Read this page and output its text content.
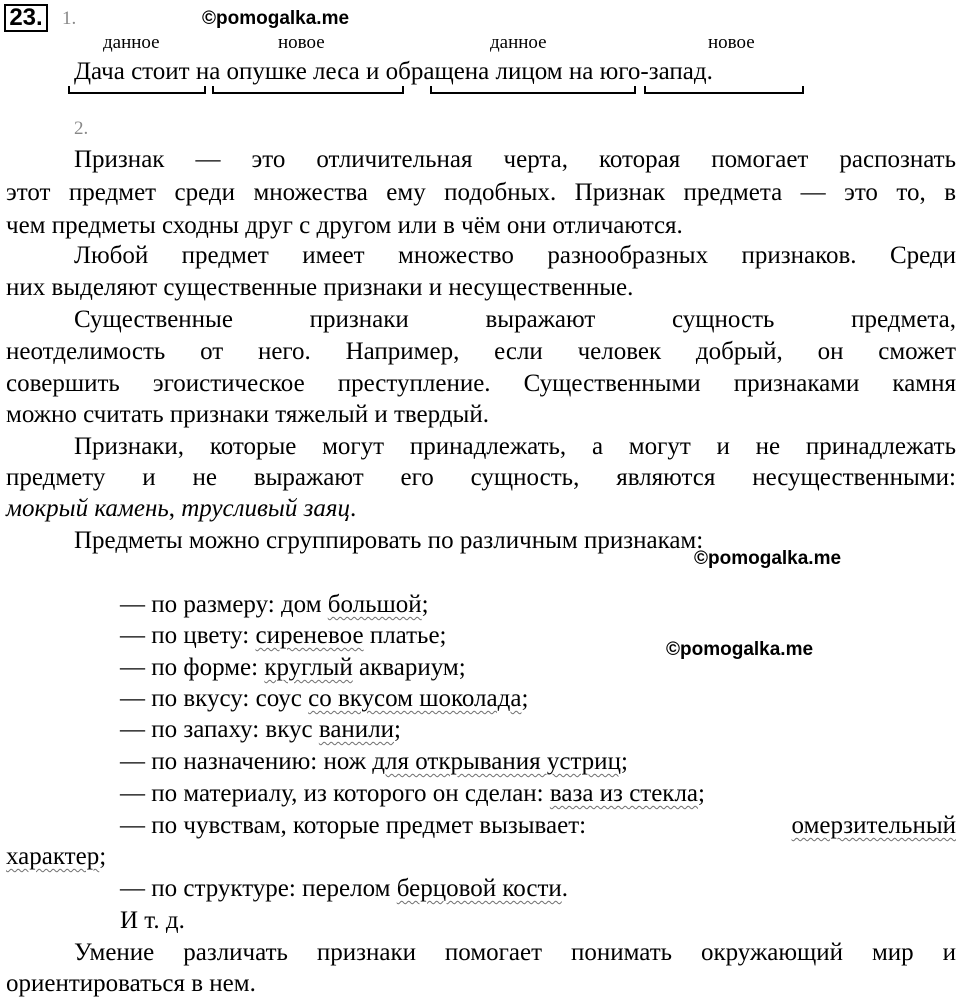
23. 1.	©pomogalka.me
данное	новое	данное	новое
Дача стоит на опушке леса и обращена лицом на юго-запад.
2.
Признак — это отличительная черта, которая помогает распознать
этот предмет среди множества ему подобных. Признак предмета — это то, в
чем предметы сходны друг с другом или в чём они отличаются.
Любой предмет имеет множество разнообразных признаков. Среди
них выделяют существенные признаки и несущественные.
Существенные признаки выражают сущность предмета,
неотделимость от него. Например, если человек добрый, он сможет
совершить эгоистическое преступление. Существенными признаками камня
можно считать признаки тяжелый и твердый.
Признаки, которые могут принадлежать, а могут и не принадлежать
предмету и не выражают его сущность, являются несущественными:
мокрый камень, трусливый заяц.
Предметы можно сгруппировать по различным признакам:
©pomogalka.me
— по размеру: дом большой;
— по цвету: сиреневое платье;
©pomogalka.me
— по форме: круглый аквариум;
— по вкусу: соус со вкусом шоколада;
— по запаху: вкус ванили;
— по назначению: нож для открывания устриц;
— по материалу, из которого он сделан: ваза из стекла;
— по чувствам, которые предмет вызывает:	омерзительный
характер;
— по структуре: перелом берцовой кости.
И т. д.
Умение различать признаки помогает понимать окружающий мир и
ориентироваться в нем.
